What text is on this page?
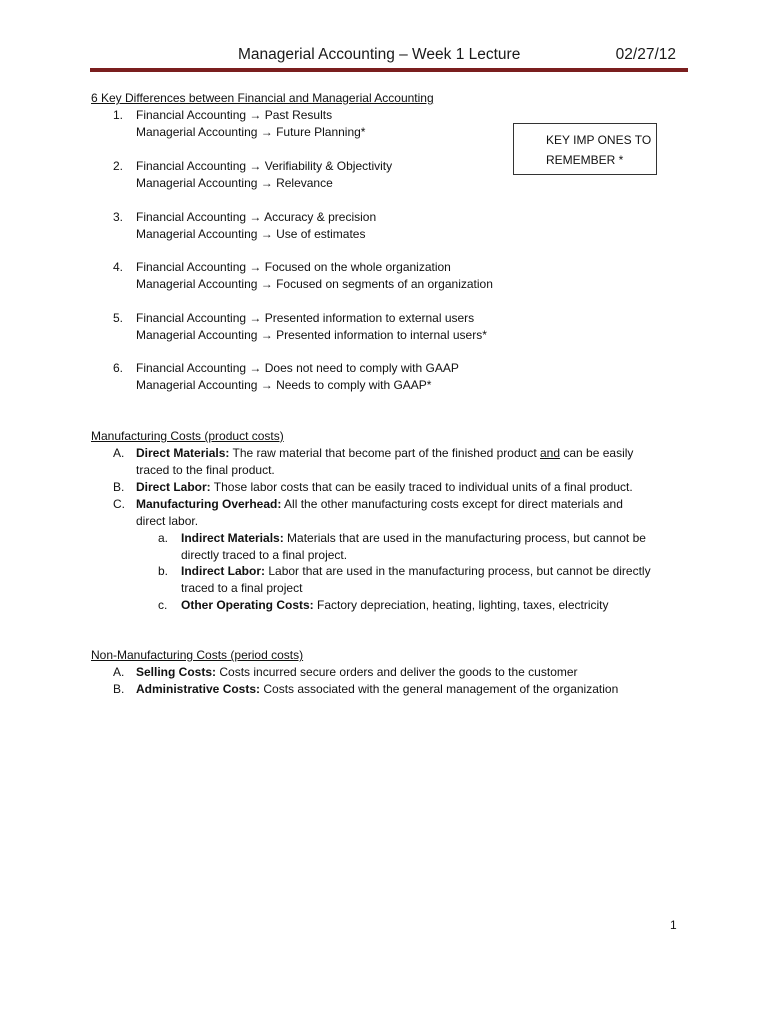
Managerial Accounting – Week 1 Lecture	02/27/12
KEY IMP ONES TO
REMEMBER *
6 Key Differences between Financial and Managerial Accounting
1.	Financial Accounting → Past Results
Managerial Accounting → Future Planning*
2.	Financial Accounting → Verifiability & Objectivity
Managerial Accounting → Relevance
3.	Financial Accounting → Accuracy & precision
Managerial Accounting → Use of estimates
4.	Financial Accounting → Focused on the whole organization
Managerial Accounting → Focused on segments of an organization
5.	Financial Accounting → Presented information to external users
Managerial Accounting → Presented information to internal users*
6.	Financial Accounting → Does not need to comply with GAAP
Managerial Accounting → Needs to comply with GAAP*
Manufacturing Costs (product costs)
A. Direct Materials: The raw material that become part of the finished product and can be easily
traced to the final product.
B. Direct Labor: Those labor costs that can be easily traced to individual units of a final product.
C. Manufacturing Overhead: All the other manufacturing costs except for direct materials and
direct labor.
a.	Indirect Materials: Materials that are used in the manufacturing process, but cannot be
directly traced to a final project.
b.	Indirect Labor: Labor that are used in the manufacturing process, but cannot be directly
traced to a final project
c.	Other Operating Costs: Factory depreciation, heating, lighting, taxes, electricity
Non-Manufacturing Costs (period costs)
A. Selling Costs: Costs incurred secure orders and deliver the goods to the customer
B. Administrative Costs: Costs associated with the general management of the organization
1
